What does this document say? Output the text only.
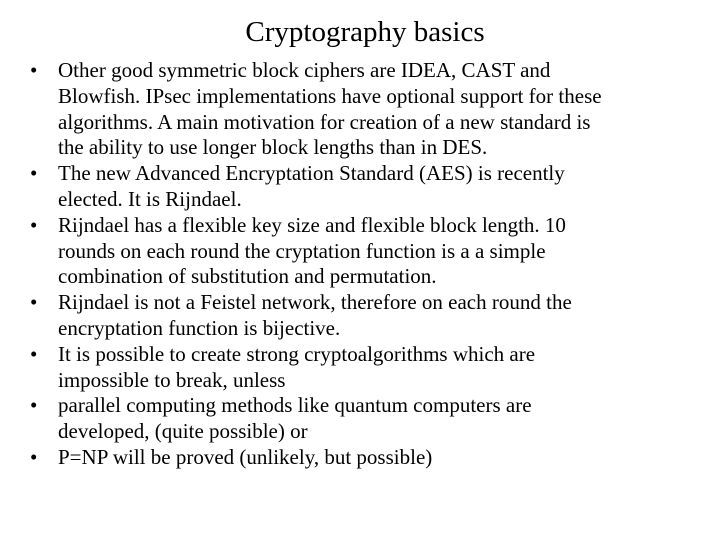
Cryptography basics
• Other good symmetric block ciphers are IDEA, CAST and
Blowfish. IPsec implementations have optional support for these
algorithms. A main motivation for creation of a new standard is
the ability to use longer block lengths than in DES.
• The new Advanced Encryptation Standard (AES) is recently
elected. It is Rijndael.
• Rijndael has a flexible key size and flexible block length. 10
rounds on each round the cryptation function is a a simple
combination of substitution and permutation.
• Rijndael is not a Feistel network, therefore on each round the
encryptation function is bijective.
• It is possible to create strong cryptoalgorithms which are
impossible to break, unless
• parallel computing methods like quantum computers are
developed, (quite possible) or
• P=NP will be proved (unlikely, but possible)
